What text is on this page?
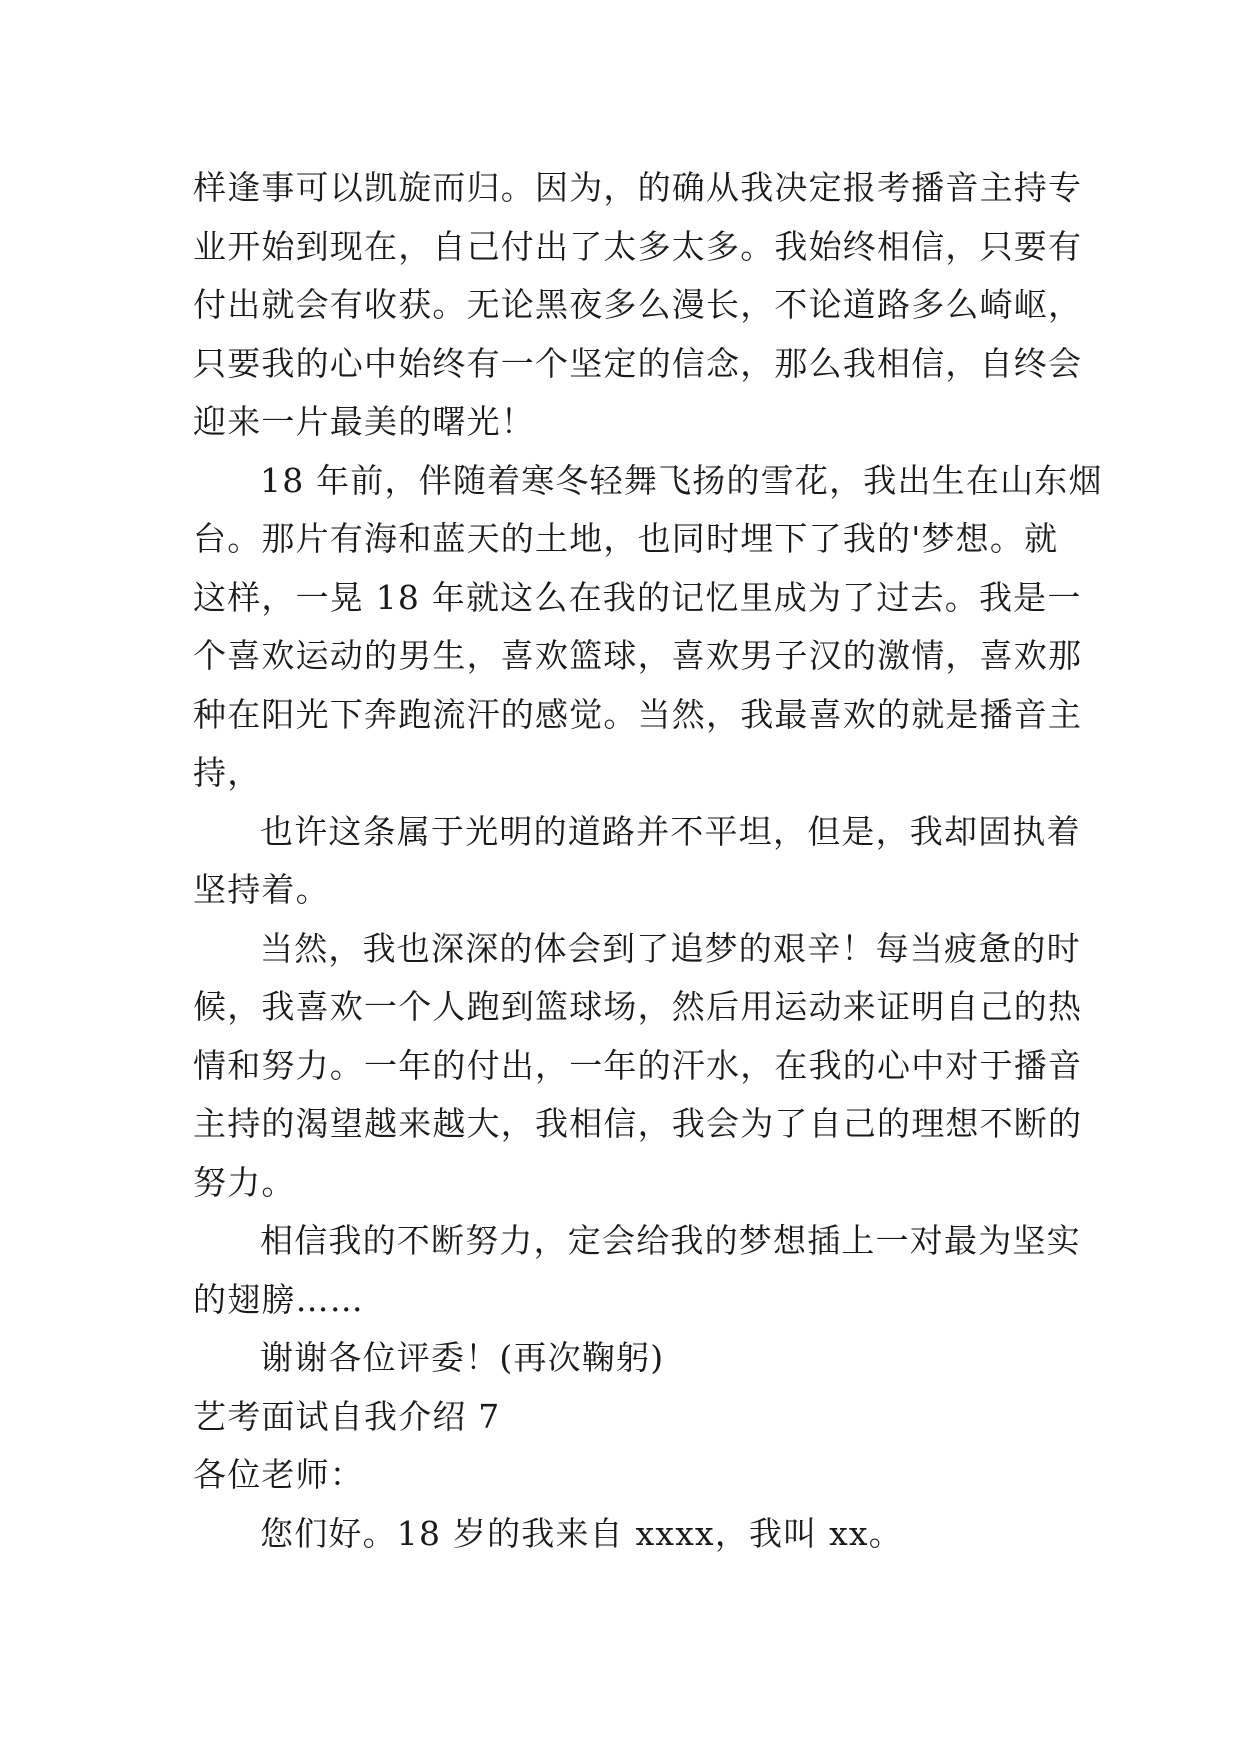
样逢事可以凯旋而归。因为，的确从我决定报考播音主持专
业开始到现在，自己付出了太多太多。我始终相信，只要有
付出就会有收获。无论黑夜多么漫长，不论道路多么崎岖，
只要我的心中始终有一个坚定的信念，那么我相信，自终会
迎来一片最美的曙光！

18 年前，伴随着寒冬轻舞飞扬的雪花，我出生在山东烟
台。那片有海和蓝天的土地，也同时埋下了我的'梦想。就
这样，一晃 18 年就这么在我的记忆里成为了过去。我是一
个喜欢运动的男生，喜欢篮球，喜欢男子汉的激情，喜欢那
种在阳光下奔跑流汗的感觉。当然，我最喜欢的就是播音主
持，

也许这条属于光明的道路并不平坦，但是，我却固执着
坚持着。

当然，我也深深的体会到了追梦的艰辛！每当疲惫的时
候，我喜欢一个人跑到篮球场，然后用运动来证明自己的热
情和努力。一年的付出，一年的汗水，在我的心中对于播音
主持的渴望越来越大，我相信，我会为了自己的理想不断的
努力。

相信我的不断努力，定会给我的梦想插上一对最为坚实
的翅膀……

谢谢各位评委！(再次鞠躬)

艺考面试自我介绍 7

各位老师：

您们好。18 岁的我来自 xxxx，我叫 xx。
